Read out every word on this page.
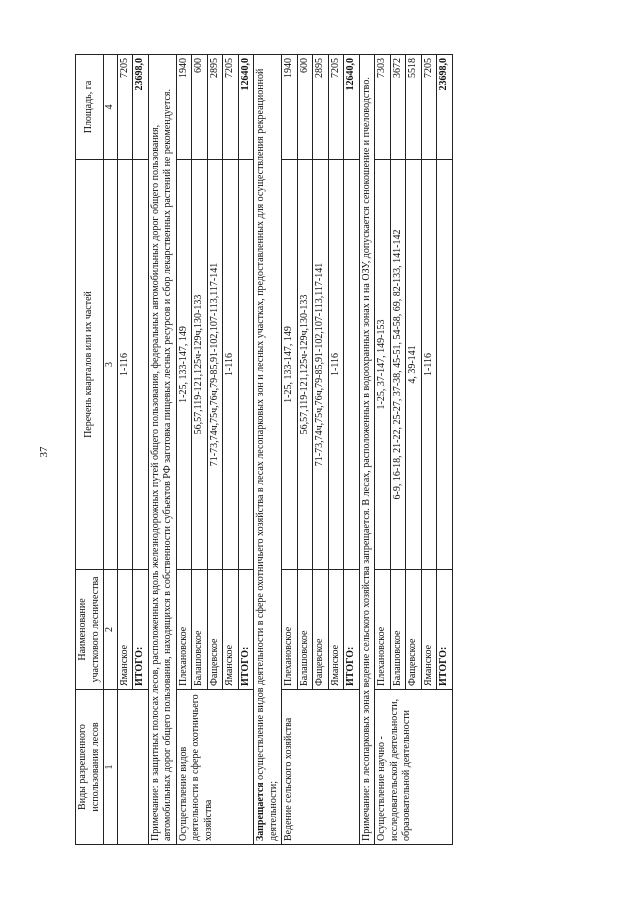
37
Виды разрешенного использования лесов	Наименование участкового лесничества	Перечень кварталов или их частей	Площадь, га
1	2	3	4
	Яманское	1-116	7205
	ИТОГО:		23698,0
Примечание: в защитных полосах лесов, расположенных вдоль железнодорожных путей общего пользования, федеральных автомобильных дорог общего пользования, автомобильных дорог общего пользования, находящихся в собственности субъектов РФ заготовка пищевых лесных ресурсов и сбор лекарственных растений не рекомендуется.			
Осуществление видов деятельности в сфере охотничьего хозяйства	Плехановское	1-25, 133-147, 149	1940
	Балашовское	56,57,119-121,125ч-129ч,130-133	600
	Фащевское	71-73,74ч,75ч,76ч,79-85,91-102,107-113,117-141	2895
	Яманское	1-116	7205
	ИТОГО:		12640,0
Запрещается осуществление видов деятельности в сфере охотничьего хозяйства в лесах лесопарковых зон и лесных участках, предоставленных для осуществления рекреационной деятельности;			
Ведение сельского хозяйства	Плехановское	1-25, 133-147, 149	1940
	Балашовское	56,57,119-121,125ч-129ч,130-133	600
	Фащевское	71-73,74ч,75ч,76ч,79-85,91-102,107-113,117-141	2895
	Яманское	1-116	7205
	ИТОГО:		12640,0
Примечание: в лесопарковых зонах ведение сельского хозяйства запрещается. В лесах, расположенных в водоохранных зонах и на ОЗУ, допускается сенокошение и пчеловодство.			
Осуществление научно - исследовательской деятельности, образовательной деятельности	Плехановское	1-25, 37-147, 149-153	7303
	Балашовское	6-9, 16-18, 21-22, 25-27, 37-38, 45-51, 54-58, 69, 82-133, 141-142	3672
	Фащевское	4, 39-141	5518
	Яманское	1-116	7205
	ИТОГО:		23698,0
